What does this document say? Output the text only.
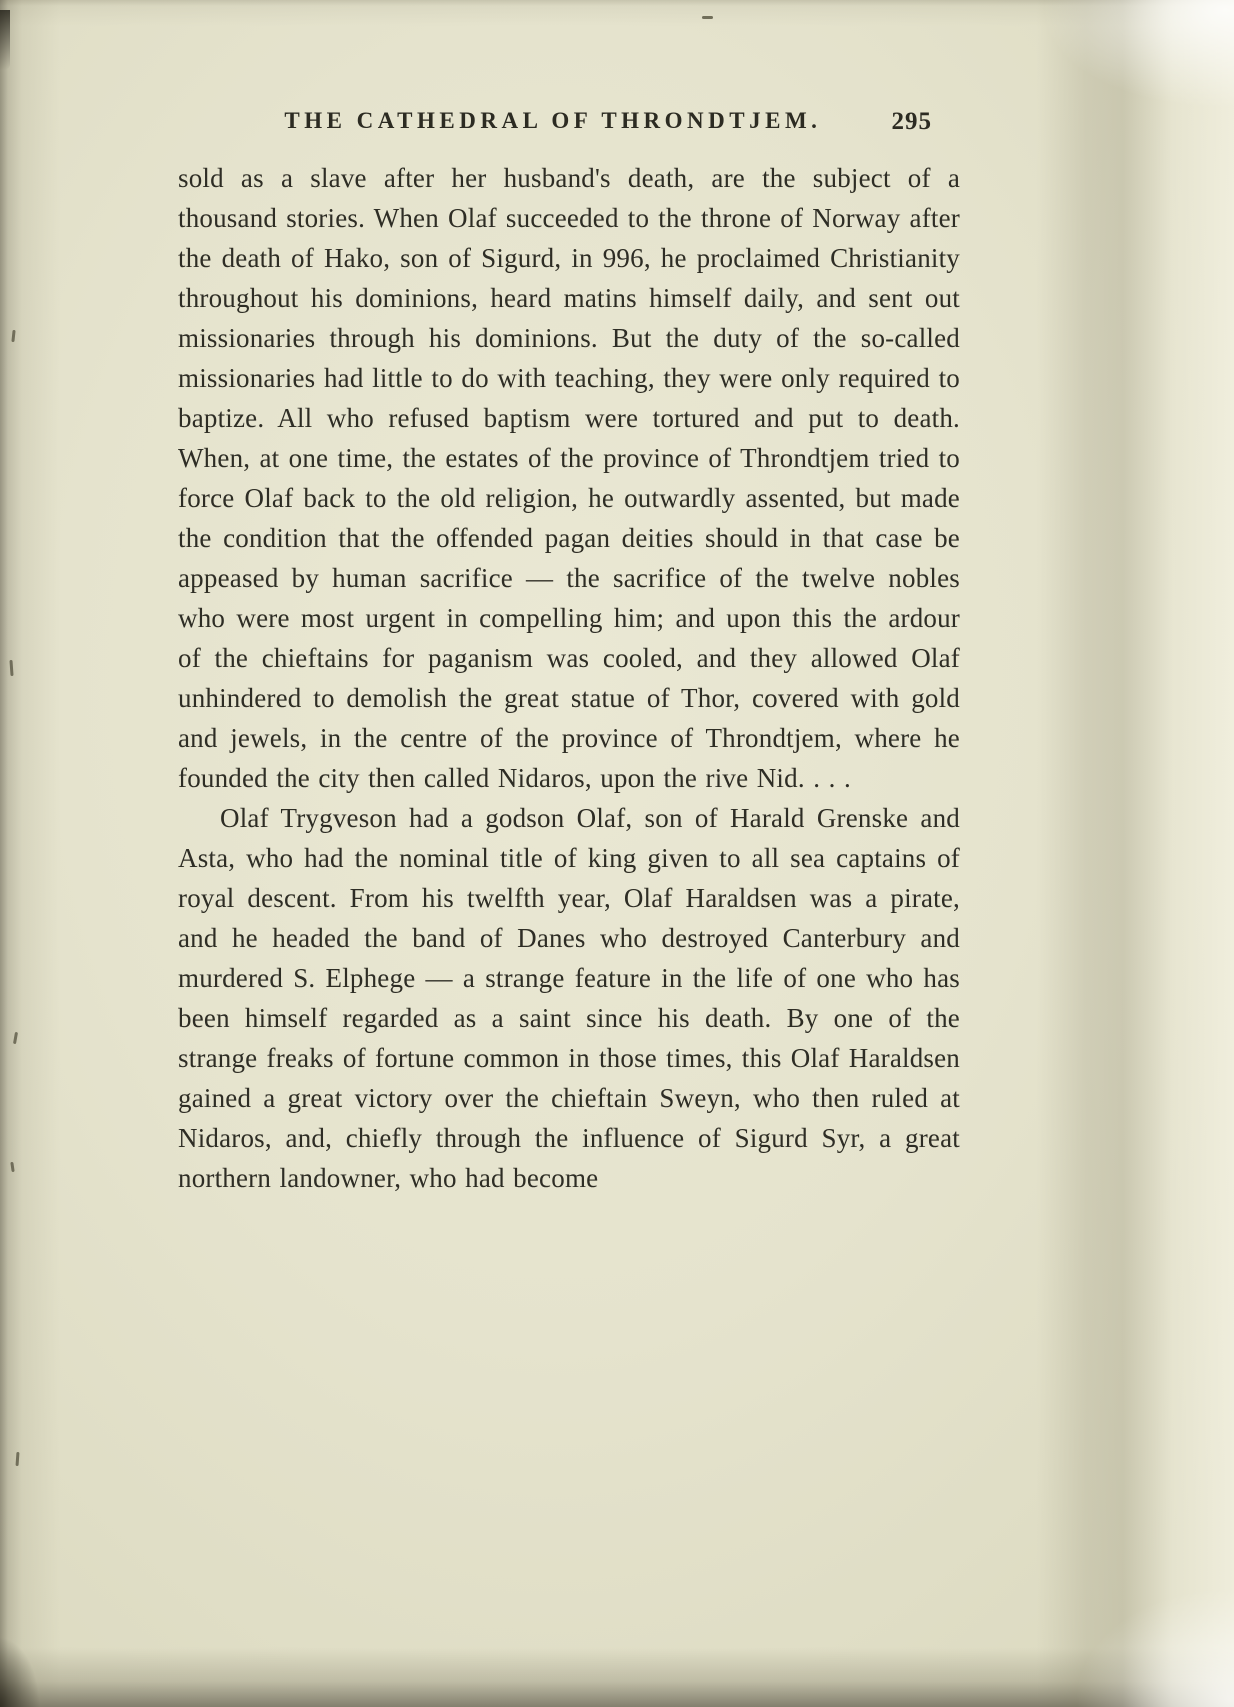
THE CATHEDRAL OF THRONDTJEM.	295

sold as a slave after her husband's death, are the subject of a thousand stories. When Olaf succeeded to the throne of Norway after the death of Hako, son of Sigurd, in 996, he proclaimed Christianity throughout his dominions, heard matins himself daily, and sent out missionaries through his dominions. But the duty of the so-called missionaries had little to do with teaching, they were only required to baptize. All who refused baptism were tortured and put to death. When, at one time, the estates of the province of Throndtjem tried to force Olaf back to the old religion, he outwardly assented, but made the condition that the offended pagan deities should in that case be appeased by human sacrifice — the sacrifice of the twelve nobles who were most urgent in compelling him; and upon this the ardour of the chieftains for paganism was cooled, and they allowed Olaf unhindered to demolish the great statue of Thor, covered with gold and jewels, in the centre of the province of Throndtjem, where he founded the city then called Nidaros, upon the rive Nid. . . .

Olaf Trygveson had a godson Olaf, son of Harald Grenske and Asta, who had the nominal title of king given to all sea captains of royal descent. From his twelfth year, Olaf Haraldsen was a pirate, and he headed the band of Danes who destroyed Canterbury and murdered S. Elphege — a strange feature in the life of one who has been himself regarded as a saint since his death. By one of the strange freaks of fortune common in those times, this Olaf Haraldsen gained a great victory over the chieftain Sweyn, who then ruled at Nidaros, and, chiefly through the influence of Sigurd Syr, a great northern landowner, who had become
